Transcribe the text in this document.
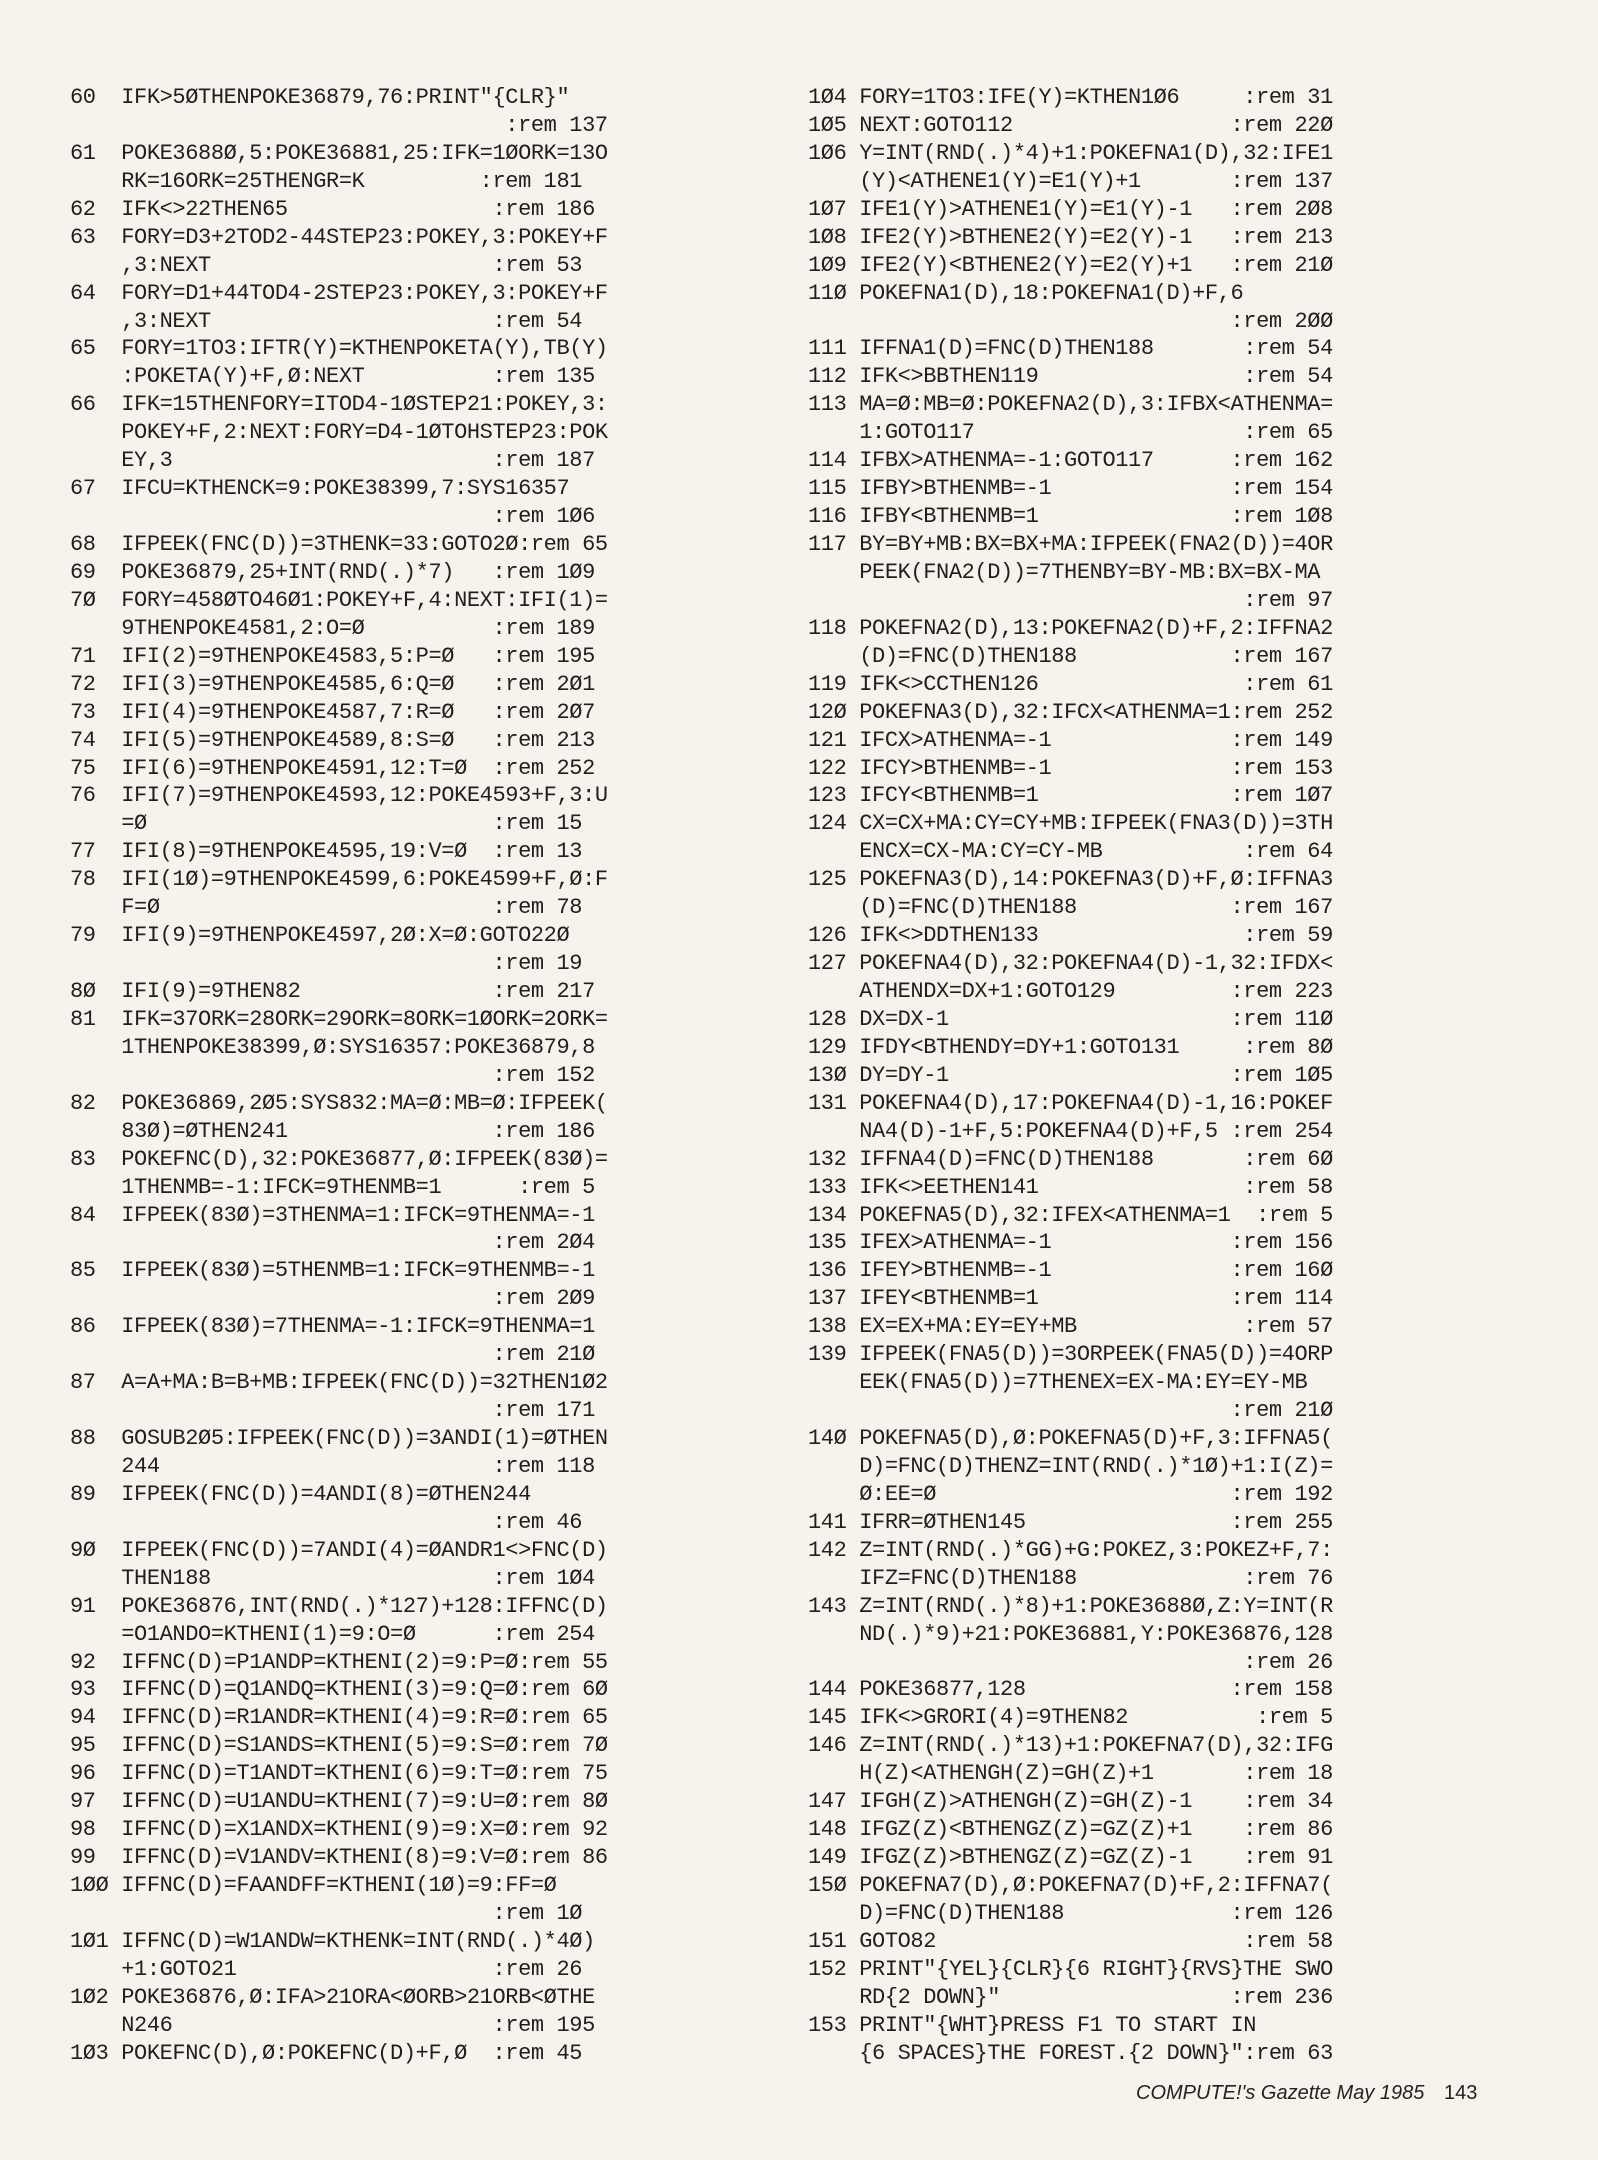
60  IFK>5ØTHENPOKE36879,76:PRINT"{CLR}"
:rem 137
61  POKE3688Ø,5:POKE36881,25:IFK=1ØORK=13O
RK=16ORK=25THENGR=K         :rem 181
62  IFK<>22THEN65                :rem 186
63  FORY=D3+2TOD2-44STEP23:POKEY,3:POKEY+F
,3:NEXT                      :rem 53
64  FORY=D1+44TOD4-2STEP23:POKEY,3:POKEY+F
,3:NEXT                      :rem 54
65  FORY=1TO3:IFTR(Y)=KTHENPOKETA(Y),TB(Y)
:POKETA(Y)+F,Ø:NEXT          :rem 135
66  IFK=15THENFORY=ITOD4-1ØSTEP21:POKEY,3:
POKEY+F,2:NEXT:FORY=D4-1ØTOHSTEP23:POK
EY,3                         :rem 187
67  IFCU=KTHENCK=9:POKE38399,7:SYS16357
:rem 1Ø6
68  IFPEEK(FNC(D))=3THENK=33:GOTO2Ø:rem 65
69  POKE36879,25+INT(RND(.)*7)   :rem 1Ø9
7Ø  FORY=458ØTO46Ø1:POKEY+F,4:NEXT:IFI(1)=
9THENPOKE4581,2:O=Ø          :rem 189
71  IFI(2)=9THENPOKE4583,5:P=Ø   :rem 195
72  IFI(3)=9THENPOKE4585,6:Q=Ø   :rem 2Ø1
73  IFI(4)=9THENPOKE4587,7:R=Ø   :rem 2Ø7
74  IFI(5)=9THENPOKE4589,8:S=Ø   :rem 213
75  IFI(6)=9THENPOKE4591,12:T=Ø  :rem 252
76  IFI(7)=9THENPOKE4593,12:POKE4593+F,3:U
=Ø                           :rem 15
77  IFI(8)=9THENPOKE4595,19:V=Ø  :rem 13
78  IFI(1Ø)=9THENPOKE4599,6:POKE4599+F,Ø:F
F=Ø                          :rem 78
79  IFI(9)=9THENPOKE4597,2Ø:X=Ø:GOTO22Ø
:rem 19
8Ø  IFI(9)=9THEN82               :rem 217
81  IFK=37ORK=28ORK=29ORK=8ORK=1ØORK=2ORK=
1THENPOKE38399,Ø:SYS16357:POKE36879,8
:rem 152
82  POKE36869,2Ø5:SYS832:MA=Ø:MB=Ø:IFPEEK(
83Ø)=ØTHEN241                :rem 186
83  POKEFNC(D),32:POKE36877,Ø:IFPEEK(83Ø)=
1THENMB=-1:IFCK=9THENMB=1      :rem 5
84  IFPEEK(83Ø)=3THENMA=1:IFCK=9THENMA=-1
:rem 2Ø4
85  IFPEEK(83Ø)=5THENMB=1:IFCK=9THENMB=-1
:rem 2Ø9
86  IFPEEK(83Ø)=7THENMA=-1:IFCK=9THENMA=1
:rem 21Ø
87  A=A+MA:B=B+MB:IFPEEK(FNC(D))=32THEN1Ø2
:rem 171
88  GOSUB2Ø5:IFPEEK(FNC(D))=3ANDI(1)=ØTHEN
244                          :rem 118
89  IFPEEK(FNC(D))=4ANDI(8)=ØTHEN244
:rem 46
9Ø  IFPEEK(FNC(D))=7ANDI(4)=ØANDR1<>FNC(D)
THEN188                      :rem 1Ø4
91  POKE36876,INT(RND(.)*127)+128:IFFNC(D)
=O1ANDO=KTHENI(1)=9:O=Ø      :rem 254
92  IFFNC(D)=P1ANDP=KTHENI(2)=9:P=Ø:rem 55
93  IFFNC(D)=Q1ANDQ=KTHENI(3)=9:Q=Ø:rem 6Ø
94  IFFNC(D)=R1ANDR=KTHENI(4)=9:R=Ø:rem 65
95  IFFNC(D)=S1ANDS=KTHENI(5)=9:S=Ø:rem 7Ø
96  IFFNC(D)=T1ANDT=KTHENI(6)=9:T=Ø:rem 75
97  IFFNC(D)=U1ANDU=KTHENI(7)=9:U=Ø:rem 8Ø
98  IFFNC(D)=X1ANDX=KTHENI(9)=9:X=Ø:rem 92
99  IFFNC(D)=V1ANDV=KTHENI(8)=9:V=Ø:rem 86
1ØØ IFFNC(D)=FAANDFF=KTHENI(1Ø)=9:FF=Ø
:rem 1Ø
1Ø1 IFFNC(D)=W1ANDW=KTHENK=INT(RND(.)*4Ø)
+1:GOTO21                    :rem 26
1Ø2 POKE36876,Ø:IFA>21ORA<ØORB>21ORB<ØTHE
N246                         :rem 195
1Ø3 POKEFNC(D),Ø:POKEFNC(D)+F,Ø  :rem 45
1Ø4 FORY=1TO3:IFE(Y)=KTHEN1Ø6     :rem 31
1Ø5 NEXT:GOTO112                 :rem 22Ø
1Ø6 Y=INT(RND(.)*4)+1:POKEFNA1(D),32:IFE1
(Y)<ATHENE1(Y)=E1(Y)+1       :rem 137
1Ø7 IFE1(Y)>ATHENE1(Y)=E1(Y)-1   :rem 2Ø8
1Ø8 IFE2(Y)>BTHENE2(Y)=E2(Y)-1   :rem 213
1Ø9 IFE2(Y)<BTHENE2(Y)=E2(Y)+1   :rem 21Ø
11Ø POKEFNA1(D),18:POKEFNA1(D)+F,6
:rem 2ØØ
111 IFFNA1(D)=FNC(D)THEN188       :rem 54
112 IFK<>BBTHEN119                :rem 54
113 MA=Ø:MB=Ø:POKEFNA2(D),3:IFBX<ATHENMA=
1:GOTO117                     :rem 65
114 IFBX>ATHENMA=-1:GOTO117      :rem 162
115 IFBY>BTHENMB=-1              :rem 154
116 IFBY<BTHENMB=1               :rem 1Ø8
117 BY=BY+MB:BX=BX+MA:IFPEEK(FNA2(D))=4OR
PEEK(FNA2(D))=7THENBY=BY-MB:BX=BX-MA
:rem 97
118 POKEFNA2(D),13:POKEFNA2(D)+F,2:IFFNA2
(D)=FNC(D)THEN188            :rem 167
119 IFK<>CCTHEN126                :rem 61
12Ø POKEFNA3(D),32:IFCX<ATHENMA=1:rem 252
121 IFCX>ATHENMA=-1              :rem 149
122 IFCY>BTHENMB=-1              :rem 153
123 IFCY<BTHENMB=1               :rem 1Ø7
124 CX=CX+MA:CY=CY+MB:IFPEEK(FNA3(D))=3TH
ENCX=CX-MA:CY=CY-MB           :rem 64
125 POKEFNA3(D),14:POKEFNA3(D)+F,Ø:IFFNA3
(D)=FNC(D)THEN188            :rem 167
126 IFK<>DDTHEN133                :rem 59
127 POKEFNA4(D),32:POKEFNA4(D)-1,32:IFDX<
ATHENDX=DX+1:GOTO129         :rem 223
128 DX=DX-1                      :rem 11Ø
129 IFDY<BTHENDY=DY+1:GOTO131     :rem 8Ø
13Ø DY=DY-1                      :rem 1Ø5
131 POKEFNA4(D),17:POKEFNA4(D)-1,16:POKEF
NA4(D)-1+F,5:POKEFNA4(D)+F,5 :rem 254
132 IFFNA4(D)=FNC(D)THEN188       :rem 6Ø
133 IFK<>EETHEN141                :rem 58
134 POKEFNA5(D),32:IFEX<ATHENMA=1  :rem 5
135 IFEX>ATHENMA=-1              :rem 156
136 IFEY>BTHENMB=-1              :rem 16Ø
137 IFEY<BTHENMB=1               :rem 114
138 EX=EX+MA:EY=EY+MB             :rem 57
139 IFPEEK(FNA5(D))=3ORPEEK(FNA5(D))=4ORP
EEK(FNA5(D))=7THENEX=EX-MA:EY=EY-MB
:rem 21Ø
14Ø POKEFNA5(D),Ø:POKEFNA5(D)+F,3:IFFNA5(
D)=FNC(D)THENZ=INT(RND(.)*1Ø)+1:I(Z)=
Ø:EE=Ø                       :rem 192
141 IFRR=ØTHEN145                :rem 255
142 Z=INT(RND(.)*GG)+G:POKEZ,3:POKEZ+F,7:
IFZ=FNC(D)THEN188             :rem 76
143 Z=INT(RND(.)*8)+1:POKE3688Ø,Z:Y=INT(R
ND(.)*9)+21:POKE36881,Y:POKE36876,128
:rem 26
144 POKE36877,128                :rem 158
145 IFK<>GRORI(4)=9THEN82          :rem 5
146 Z=INT(RND(.)*13)+1:POKEFNA7(D),32:IFG
H(Z)<ATHENGH(Z)=GH(Z)+1       :rem 18
147 IFGH(Z)>ATHENGH(Z)=GH(Z)-1    :rem 34
148 IFGZ(Z)<BTHENGZ(Z)=GZ(Z)+1    :rem 86
149 IFGZ(Z)>BTHENGZ(Z)=GZ(Z)-1    :rem 91
15Ø POKEFNA7(D),Ø:POKEFNA7(D)+F,2:IFFNA7(
D)=FNC(D)THEN188             :rem 126
151 GOTO82                        :rem 58
152 PRINT"{YEL}{CLR}{6 RIGHT}{RVS}THE SWO
RD{2 DOWN}"                  :rem 236
153 PRINT"{WHT}PRESS F1 TO START IN
{6 SPACES}THE FOREST.{2 DOWN}":rem 63
COMPUTE!'s Gazette May 1985 143
